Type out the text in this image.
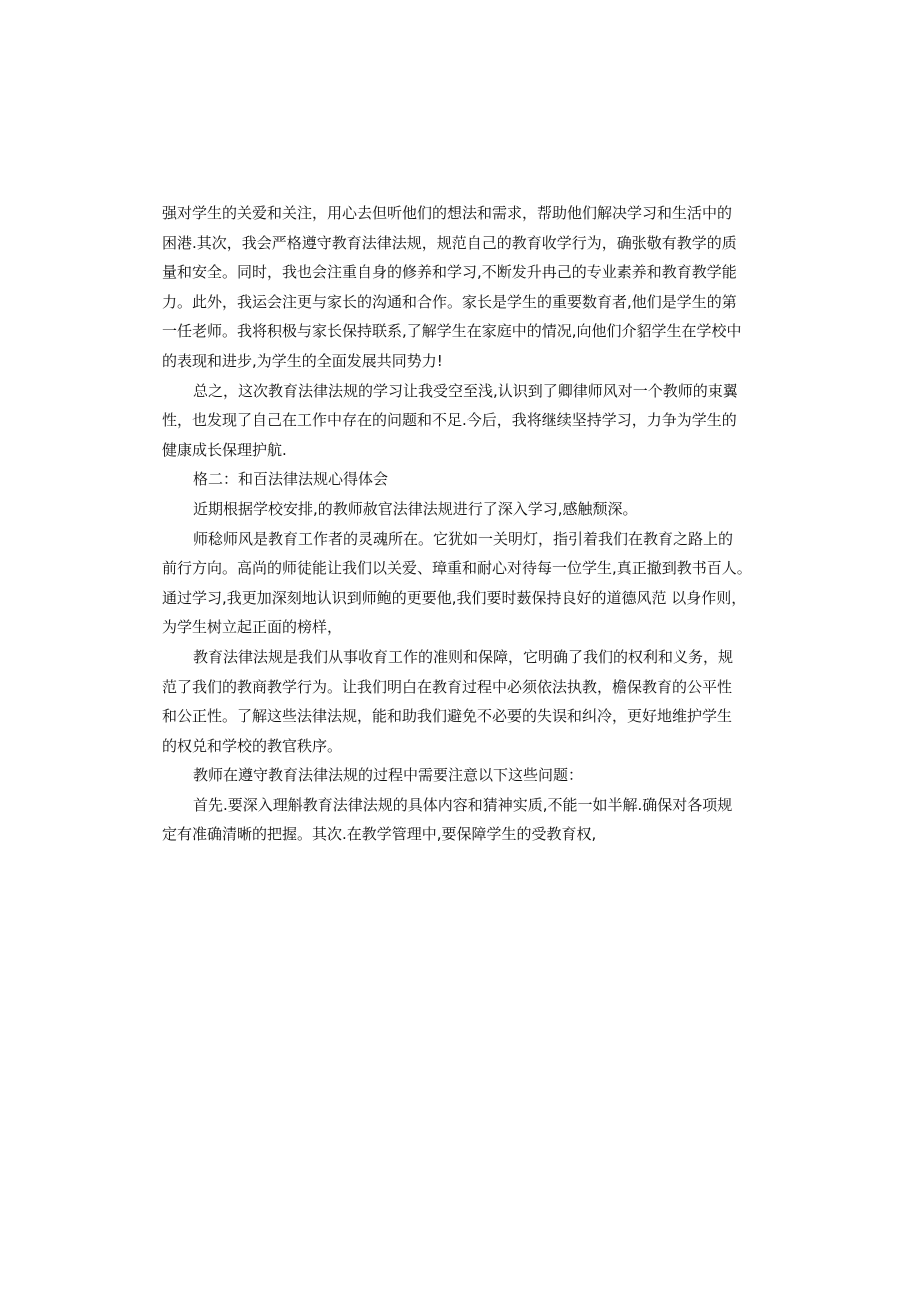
强对学生的关爱和关注，用心去但听他们的想法和需求，帮助他们解决学习和生活中的
困港.其次，我会严格遵守教育法律法规，规范自己的教育收学行为，确张敬有教学的质
量和安全。同时，我也会注重自身的修养和学习,不断发升冉己的专业素养和教育教学能
力。此外，我运会注更与家长的沟通和合作。家长是学生的重要数育者,他们是学生的第
一任老师。我将积极与家长保持联系,了解学生在家庭中的情况,向他们介貂学生在学校中
的表现和进步,为学生的全面发展共同势力!
总之，这次教育法律法规的学习让我受空至浅,认识到了卿律师风对一个教师的束翼
性，也发现了自己在工作中存在的问题和不足.今后，我将继续坚持学习，力争为学生的
健康成长保理护航.
格二：和百法律法规心得体会
近期根据学校安排,的教师赦官法律法规进行了深入学习,感触颓深。
师稔师风是教育工作者的灵魂所在。它犹如一关明灯，指引着我们在教育之路上的
前行方向。高尚的师徒能让我们以关爱、璋重和耐心对待每一位学生,真正撤到教书百人。
通过学习,我更加深刻地认识到师鲍的更要他,我们要时薮保持良好的道德风范 以身作则，
为学生树立起正面的榜样，
教育法律法规是我们从事收育工作的准则和保障，它明确了我们的权利和义务，规
范了我们的教商教学行为。让我们明白在教育过程中必须依法执教，檐保教育的公平性
和公正性。了解这些法律法规，能和助我们避免不必要的失误和纠冷，更好地维护学生
的权兑和学校的教官秩序。
教师在遵守教育法律法规的过程中需要注意以下这些问题：
首先.要深入理斛教育法律法规的具体内容和猜神实质,不能一如半解.确保对各项规
定有准确清晰的把握。其次.在教学管理中,要保障学生的受教育权,
